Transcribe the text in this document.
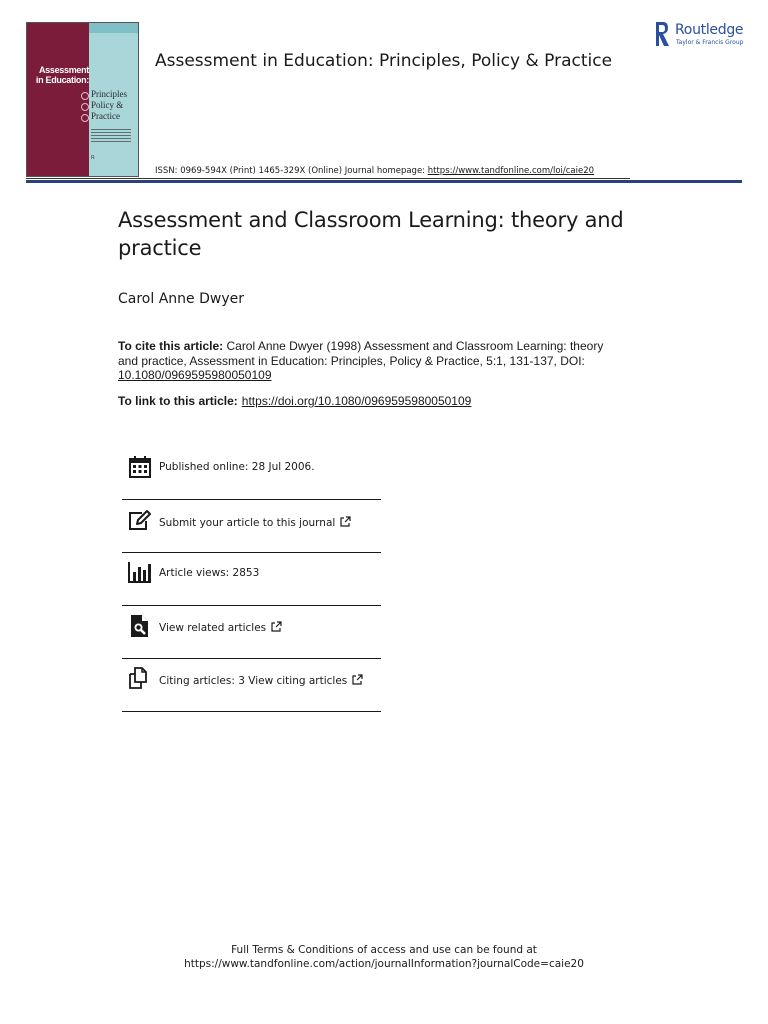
Assessment
in Education:
Principles
Policy &
Practice
R
Assessment in Education: Principles, Policy & Practice
ISSN: 0969-594X (Print) 1465-329X (Online) Journal homepage: https://www.tandfonline.com/loi/caie20
Routledge
Taylor & Francis Group
Assessment and Classroom Learning: theory and practice
Carol Anne Dwyer
To cite this article: Carol Anne Dwyer (1998) Assessment and Classroom Learning: theory and practice, Assessment in Education: Principles, Policy & Practice, 5:1, 131-137, DOI: 10.1080/0969595980050109
To link to this article: https://doi.org/10.1080/0969595980050109
Published online: 28 Jul 2006.
Submit your article to this journal
Article views: 2853
View related articles
Citing articles: 3 View citing articles
Full Terms & Conditions of access and use can be found at
https://www.tandfonline.com/action/journalInformation?journalCode=caie20
